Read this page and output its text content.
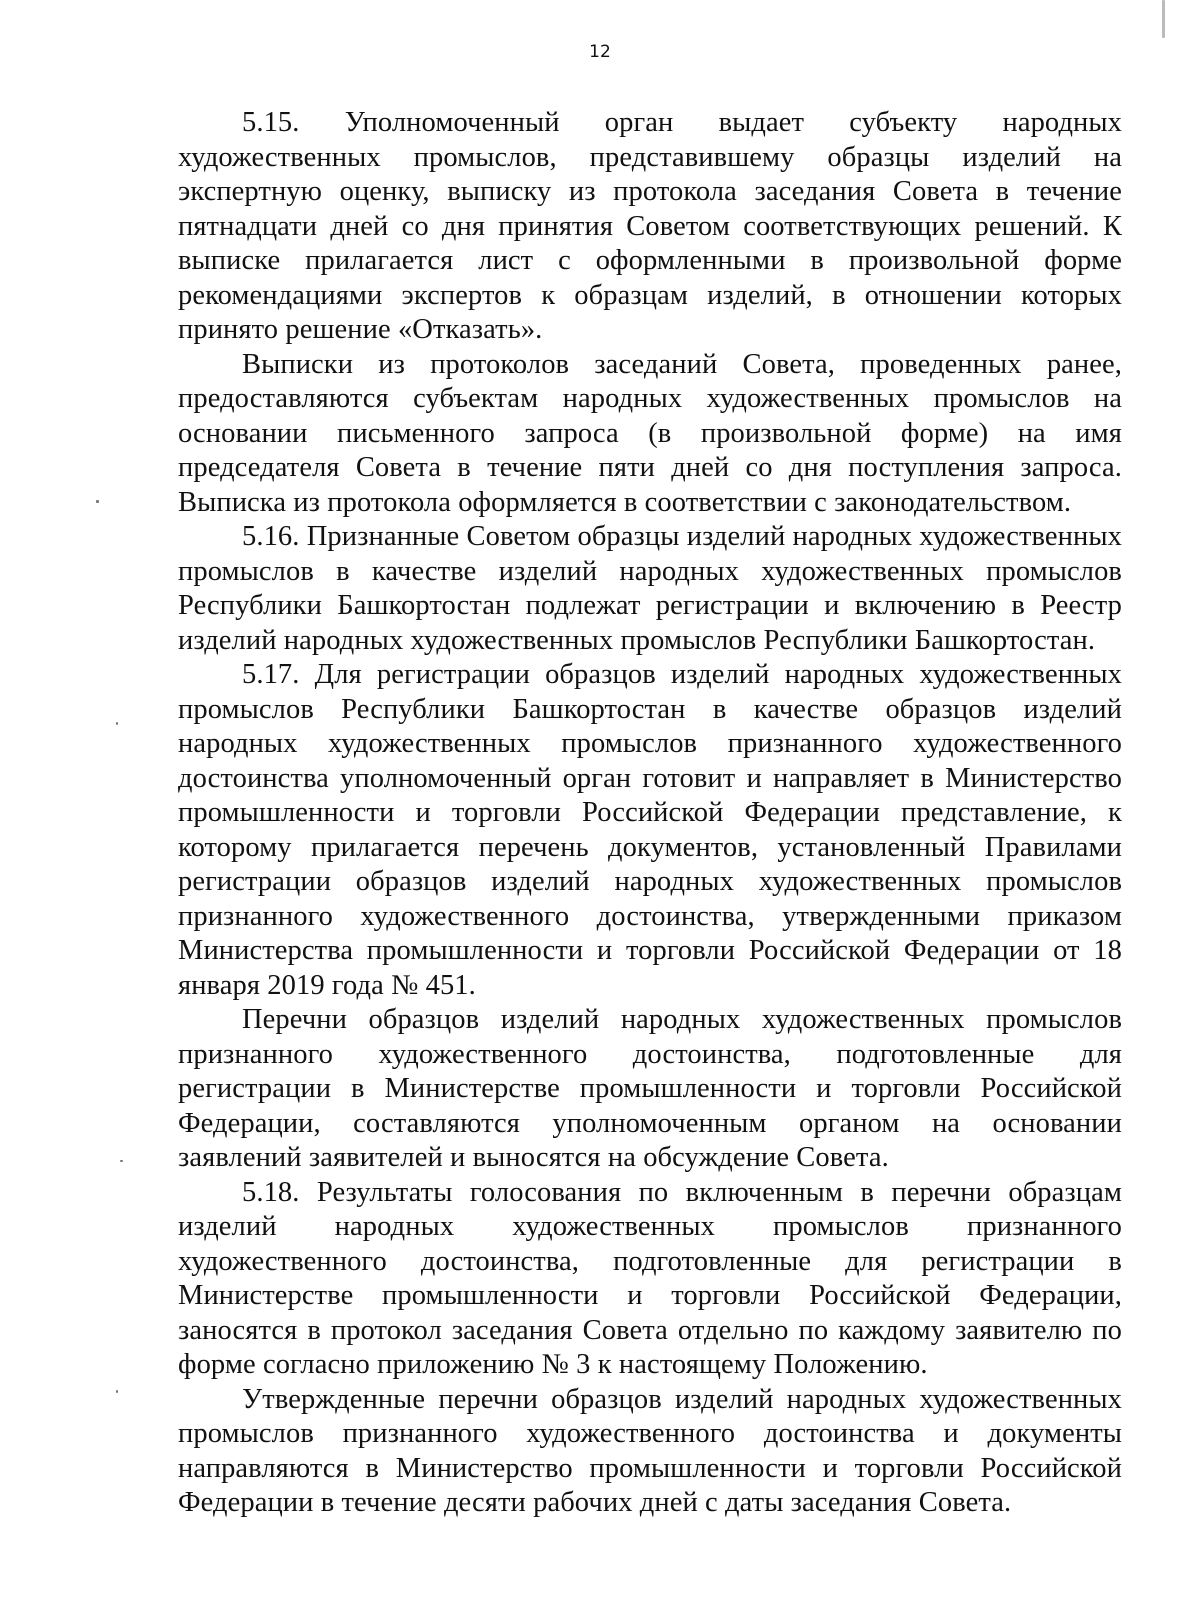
12

5.15. Уполномоченный орган выдает субъекту народных художественных промыслов, представившему образцы изделий на экспертную оценку, выписку из протокола заседания Совета в течение пятнадцати дней со дня принятия Советом соответствующих решений. К выписке прилагается лист с оформленными в произвольной форме рекомендациями экспертов к образцам изделий, в отношении которых принято решение «Отказать».

Выписки из протоколов заседаний Совета, проведенных ранее, предоставляются субъектам народных художественных промыслов на основании письменного запроса (в произвольной форме) на имя председателя Совета в течение пяти дней со дня поступления запроса. Выписка из протокола оформляется в соответствии с законодательством.

5.16. Признанные Советом образцы изделий народных художественных промыслов в качестве изделий народных художественных промыслов Республики Башкортостан подлежат регистрации и включению в Реестр изделий народных художественных промыслов Республики Башкортостан.

5.17. Для регистрации образцов изделий народных художественных промыслов Республики Башкортостан в качестве образцов изделий народных художественных промыслов признанного художественного достоинства уполномоченный орган готовит и направляет в Министерство промышленности и торговли Российской Федерации представление, к которому прилагается перечень документов, установленный Правилами регистрации образцов изделий народных художественных промыслов признанного художественного достоинства, утвержденными приказом Министерства промышленности и торговли Российской Федерации от 18 января 2019 года № 451.

Перечни образцов изделий народных художественных промыслов признанного художественного достоинства, подготовленные для регистрации в Министерстве промышленности и торговли Российской Федерации, составляются уполномоченным органом на основании заявлений заявителей и выносятся на обсуждение Совета.

5.18. Результаты голосования по включенным в перечни образцам изделий народных художественных промыслов признанного художественного достоинства, подготовленные для регистрации в Министерстве промышленности и торговли Российской Федерации, заносятся в протокол заседания Совета отдельно по каждому заявителю по форме согласно приложению № 3 к настоящему Положению.

Утвержденные перечни образцов изделий народных художественных промыслов признанного художественного достоинства и документы направляются в Министерство промышленности и торговли Российской Федерации в течение десяти рабочих дней с даты заседания Совета.
